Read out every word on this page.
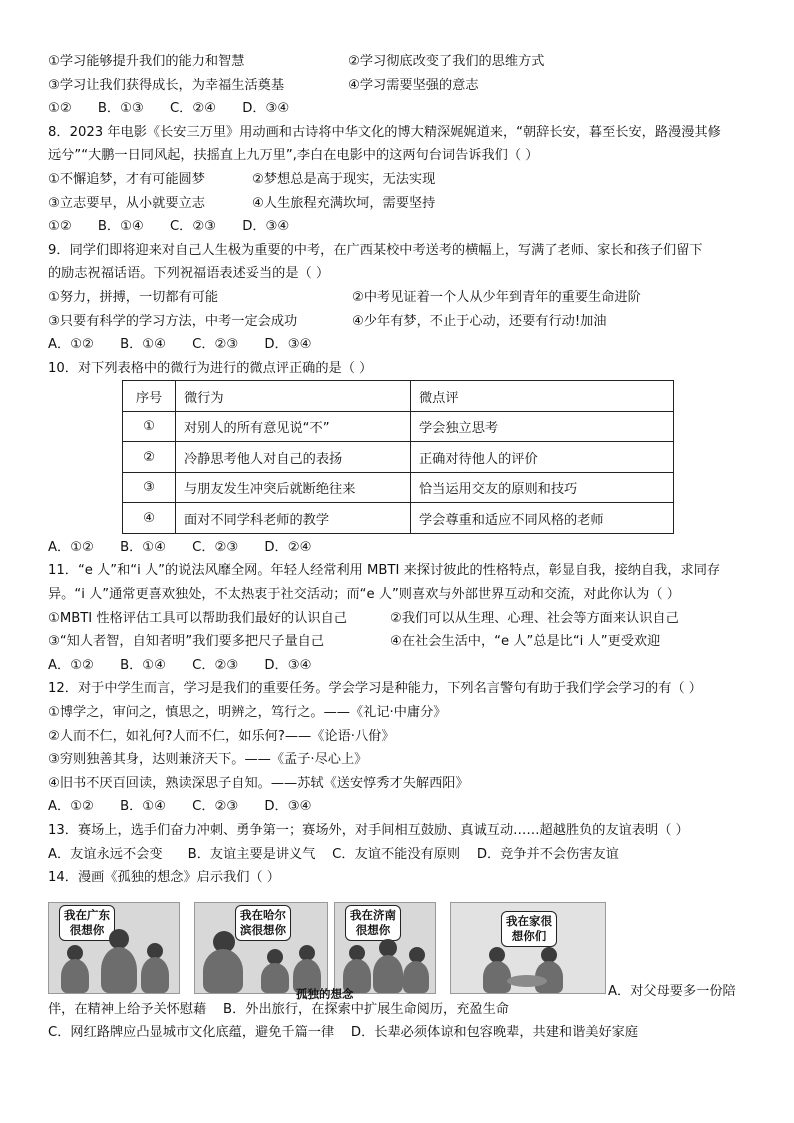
①学习能够提升我们的能力和智慧	②学习彻底改变了我们的思维方式
③学习让我们获得成长，为幸福生活奠基	④学习需要坚强的意志
①② B．①③ C．②④ D．③④
8．2023 年电影《长安三万里》用动画和古诗将中华文化的博大精深娓娓道来，“朝辞长安，暮至长安，路漫漫其修
远兮”“大鹏一日同风起，扶摇直上九万里”,李白在电影中的这两句台词告诉我们（ ）
①不懈追梦，才有可能圆梦	②梦想总是高于现实，无法实现
③立志要早，从小就要立志	④人生旅程充满坎坷，需要坚持
①② B．①④ C．②③ D．③④
9．同学们即将迎来对自己人生极为重要的中考，在广西某校中考送考的横幅上，写满了老师、家长和孩子们留下
的励志祝福话语。下列祝福语表述妥当的是（ ）
①努力，拼搏，一切都有可能	②中考见证着一个人从少年到青年的重要生命进阶
③只要有科学的学习方法，中考一定会成功	④少年有梦，不止于心动，还要有行动!加油
A．①② B．①④ C．②③ D．③④
10．对下列表格中的微行为进行的微点评正确的是（ ）
序号	微行为	微点评
①	对别人的所有意见说“不”	学会独立思考
②	冷静思考他人对自己的表扬	正确对待他人的评价
③	与朋友发生冲突后就断绝往来	恰当运用交友的原则和技巧
④	面对不同学科老师的教学	学会尊重和适应不同风格的老师
A．①② B．①④ C．②③ D．②④
11．“e 人”和“i 人”的说法风靡全网。年轻人经常利用 MBTI 来探讨彼此的性格特点，彰显自我，接纳自我，求同存
异。“i 人”通常更喜欢独处，不太热衷于社交活动；而“e 人”则喜欢与外部世界互动和交流，对此你认为（ ）
①MBTI 性格评估工具可以帮助我们最好的认识自己	②我们可以从生理、心理、社会等方面来认识自己
③“知人者智，自知者明”我们要多把尺子量自己	④在社会生活中，“e 人”总是比“i 人”更受欢迎
A．①② B．①④ C．②③ D．③④
12．对于中学生而言，学习是我们的重要任务。学会学习是种能力，下列名言警句有助于我们学会学习的有（ ）
①博学之，审问之，慎思之，明辨之，笃行之。——《礼记·中庸分》
②人而不仁，如礼何?人而不仁，如乐何?——《论语·八佾》
③穷则独善其身，达则兼济天下。——《孟子·尽心上》
④旧书不厌百回读，熟读深思子自知。——苏轼《送安惇秀才失解西阳》
A．①② B．①④ C．②③ D．③④
13．赛场上，选手们奋力冲刺、勇争第一；赛场外，对手间相互鼓励、真诚互动……超越胜负的友谊表明（ ）
A．友谊永远不会变      B．友谊主要是讲义气    C．友谊不能没有原则    D．竞争并不会伤害友谊
14．漫画《孤独的想念》启示我们（ ）
我在广东
很想你
我在哈尔
滨很想你
我在济南
很想你
我在家很
想你们
孤独的想念	A．对父母要多一份陪
伴，在精神上给予关怀慰藉    B．外出旅行，在探索中扩展生命阅历，充盈生命
C．网红路牌应凸显城市文化底蕴，避免千篇一律    D．长辈必须体谅和包容晚辈，共建和谐美好家庭
